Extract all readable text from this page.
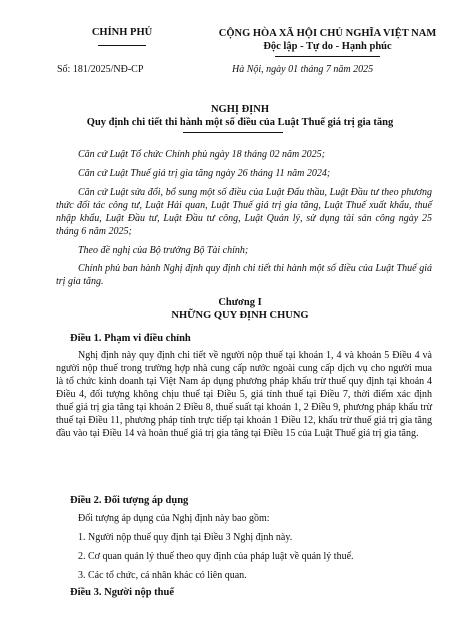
CHÍNH PHỦ	CỘNG HÒA XÃ HỘI CHỦ NGHĨA VIỆT NAM
Độc lập - Tự do - Hạnh phúc
Số: 181/2025/NĐ-CP	Hà Nội, ngày 01 tháng 7 năm 2025
NGHỊ ĐỊNH
Quy định chi tiết thi hành một số điều của Luật Thuế giá trị gia tăng
Căn cứ Luật Tổ chức Chính phủ ngày 18 tháng 02 năm 2025;
Căn cứ Luật Thuế giá trị gia tăng ngày 26 tháng 11 năm 2024;
Căn cứ Luật sửa đổi, bổ sung một số điều của Luật Đấu thầu, Luật Đầu tư theo phương thức đối tác công tư, Luật Hải quan, Luật Thuế giá trị gia tăng, Luật Thuế xuất khẩu, thuế nhập khẩu, Luật Đầu tư, Luật Đầu tư công, Luật Quản lý, sử dụng tài sản công ngày 25 tháng 6 năm 2025;
Theo đề nghị của Bộ trưởng Bộ Tài chính;
Chính phủ ban hành Nghị định quy định chi tiết thi hành một số điều của Luật Thuế giá trị gia tăng.
Chương I
NHỮNG QUY ĐỊNH CHUNG
Điều 1. Phạm vi điều chỉnh
Nghị định này quy định chi tiết về người nộp thuế tại khoản 1, 4 và khoản 5 Điều 4 và người nộp thuế trong trường hợp nhà cung cấp nước ngoài cung cấp dịch vụ cho người mua là tổ chức kinh doanh tại Việt Nam áp dụng phương pháp khấu trừ thuế quy định tại khoản 4 Điều 4, đối tượng không chịu thuế tại Điều 5, giá tính thuế tại Điều 7, thời điểm xác định thuế giá trị gia tăng tại khoản 2 Điều 8, thuế suất tại khoản 1, 2 Điều 9, phương pháp khấu trừ thuế tại Điều 11, phương pháp tính trực tiếp tại khoản 1 Điều 12, khấu trừ thuế giá trị gia tăng đầu vào tại Điều 14 và hoàn thuế giá trị gia tăng tại Điều 15 của Luật Thuế giá trị gia tăng.
Điều 2. Đối tượng áp dụng
Đối tượng áp dụng của Nghị định này bao gồm:
1. Người nộp thuế quy định tại Điều 3 Nghị định này.
2. Cơ quan quản lý thuế theo quy định của pháp luật về quản lý thuế.
3. Các tổ chức, cá nhân khác có liên quan.
Điều 3. Người nộp thuế
